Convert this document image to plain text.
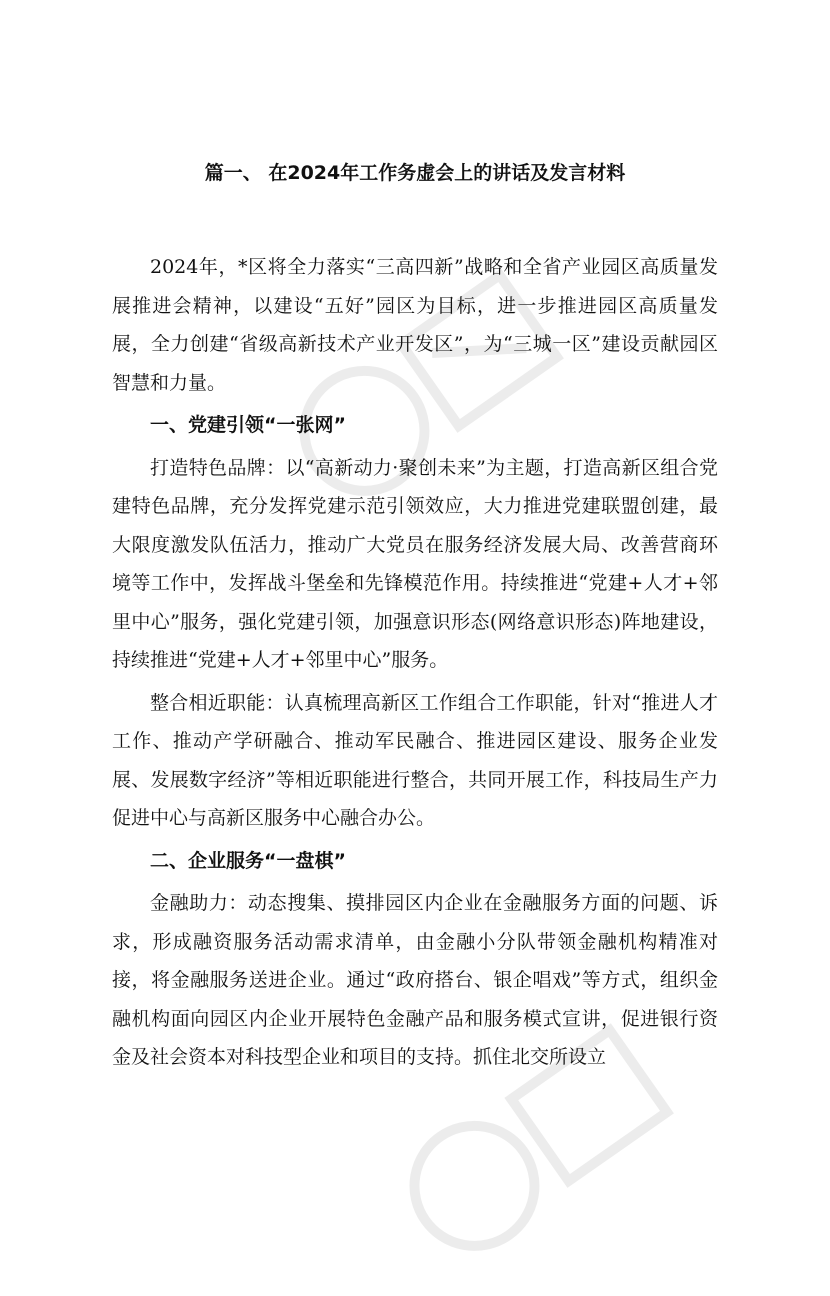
篇一、 在2024年工作务虚会上的讲话及发言材料

2024年，*区将全力落实“三高四新”战略和全省产业园区高质量发展推进会精神，以建设“五好”园区为目标，进一步推进园区高质量发展，全力创建“省级高新技术产业开发区”，为“三城一区”建设贡献园区智慧和力量。

一、党建引领“一张网”

打造特色品牌：以“高新动力·聚创未来”为主题，打造高新区组合党建特色品牌，充分发挥党建示范引领效应，大力推进党建联盟创建，最大限度激发队伍活力，推动广大党员在服务经济发展大局、改善营商环境等工作中，发挥战斗堡垒和先锋模范作用。持续推进“党建+人才+邻里中心”服务，强化党建引领，加强意识形态(网络意识形态)阵地建设，持续推进“党建+人才+邻里中心”服务。

整合相近职能：认真梳理高新区工作组合工作职能，针对“推进人才工作、推动产学研融合、推动军民融合、推进园区建设、服务企业发展、发展数字经济”等相近职能进行整合，共同开展工作，科技局生产力促进中心与高新区服务中心融合办公。

二、企业服务“一盘棋”

金融助力：动态搜集、摸排园区内企业在金融服务方面的问题、诉求，形成融资服务活动需求清单，由金融小分队带领金融机构精准对接，将金融服务送进企业。通过“政府搭台、银企唱戏”等方式，组织金融机构面向园区内企业开展特色金融产品和服务模式宣讲，促进银行资金及社会资本对科技型企业和项目的支持。抓住北交所设立
